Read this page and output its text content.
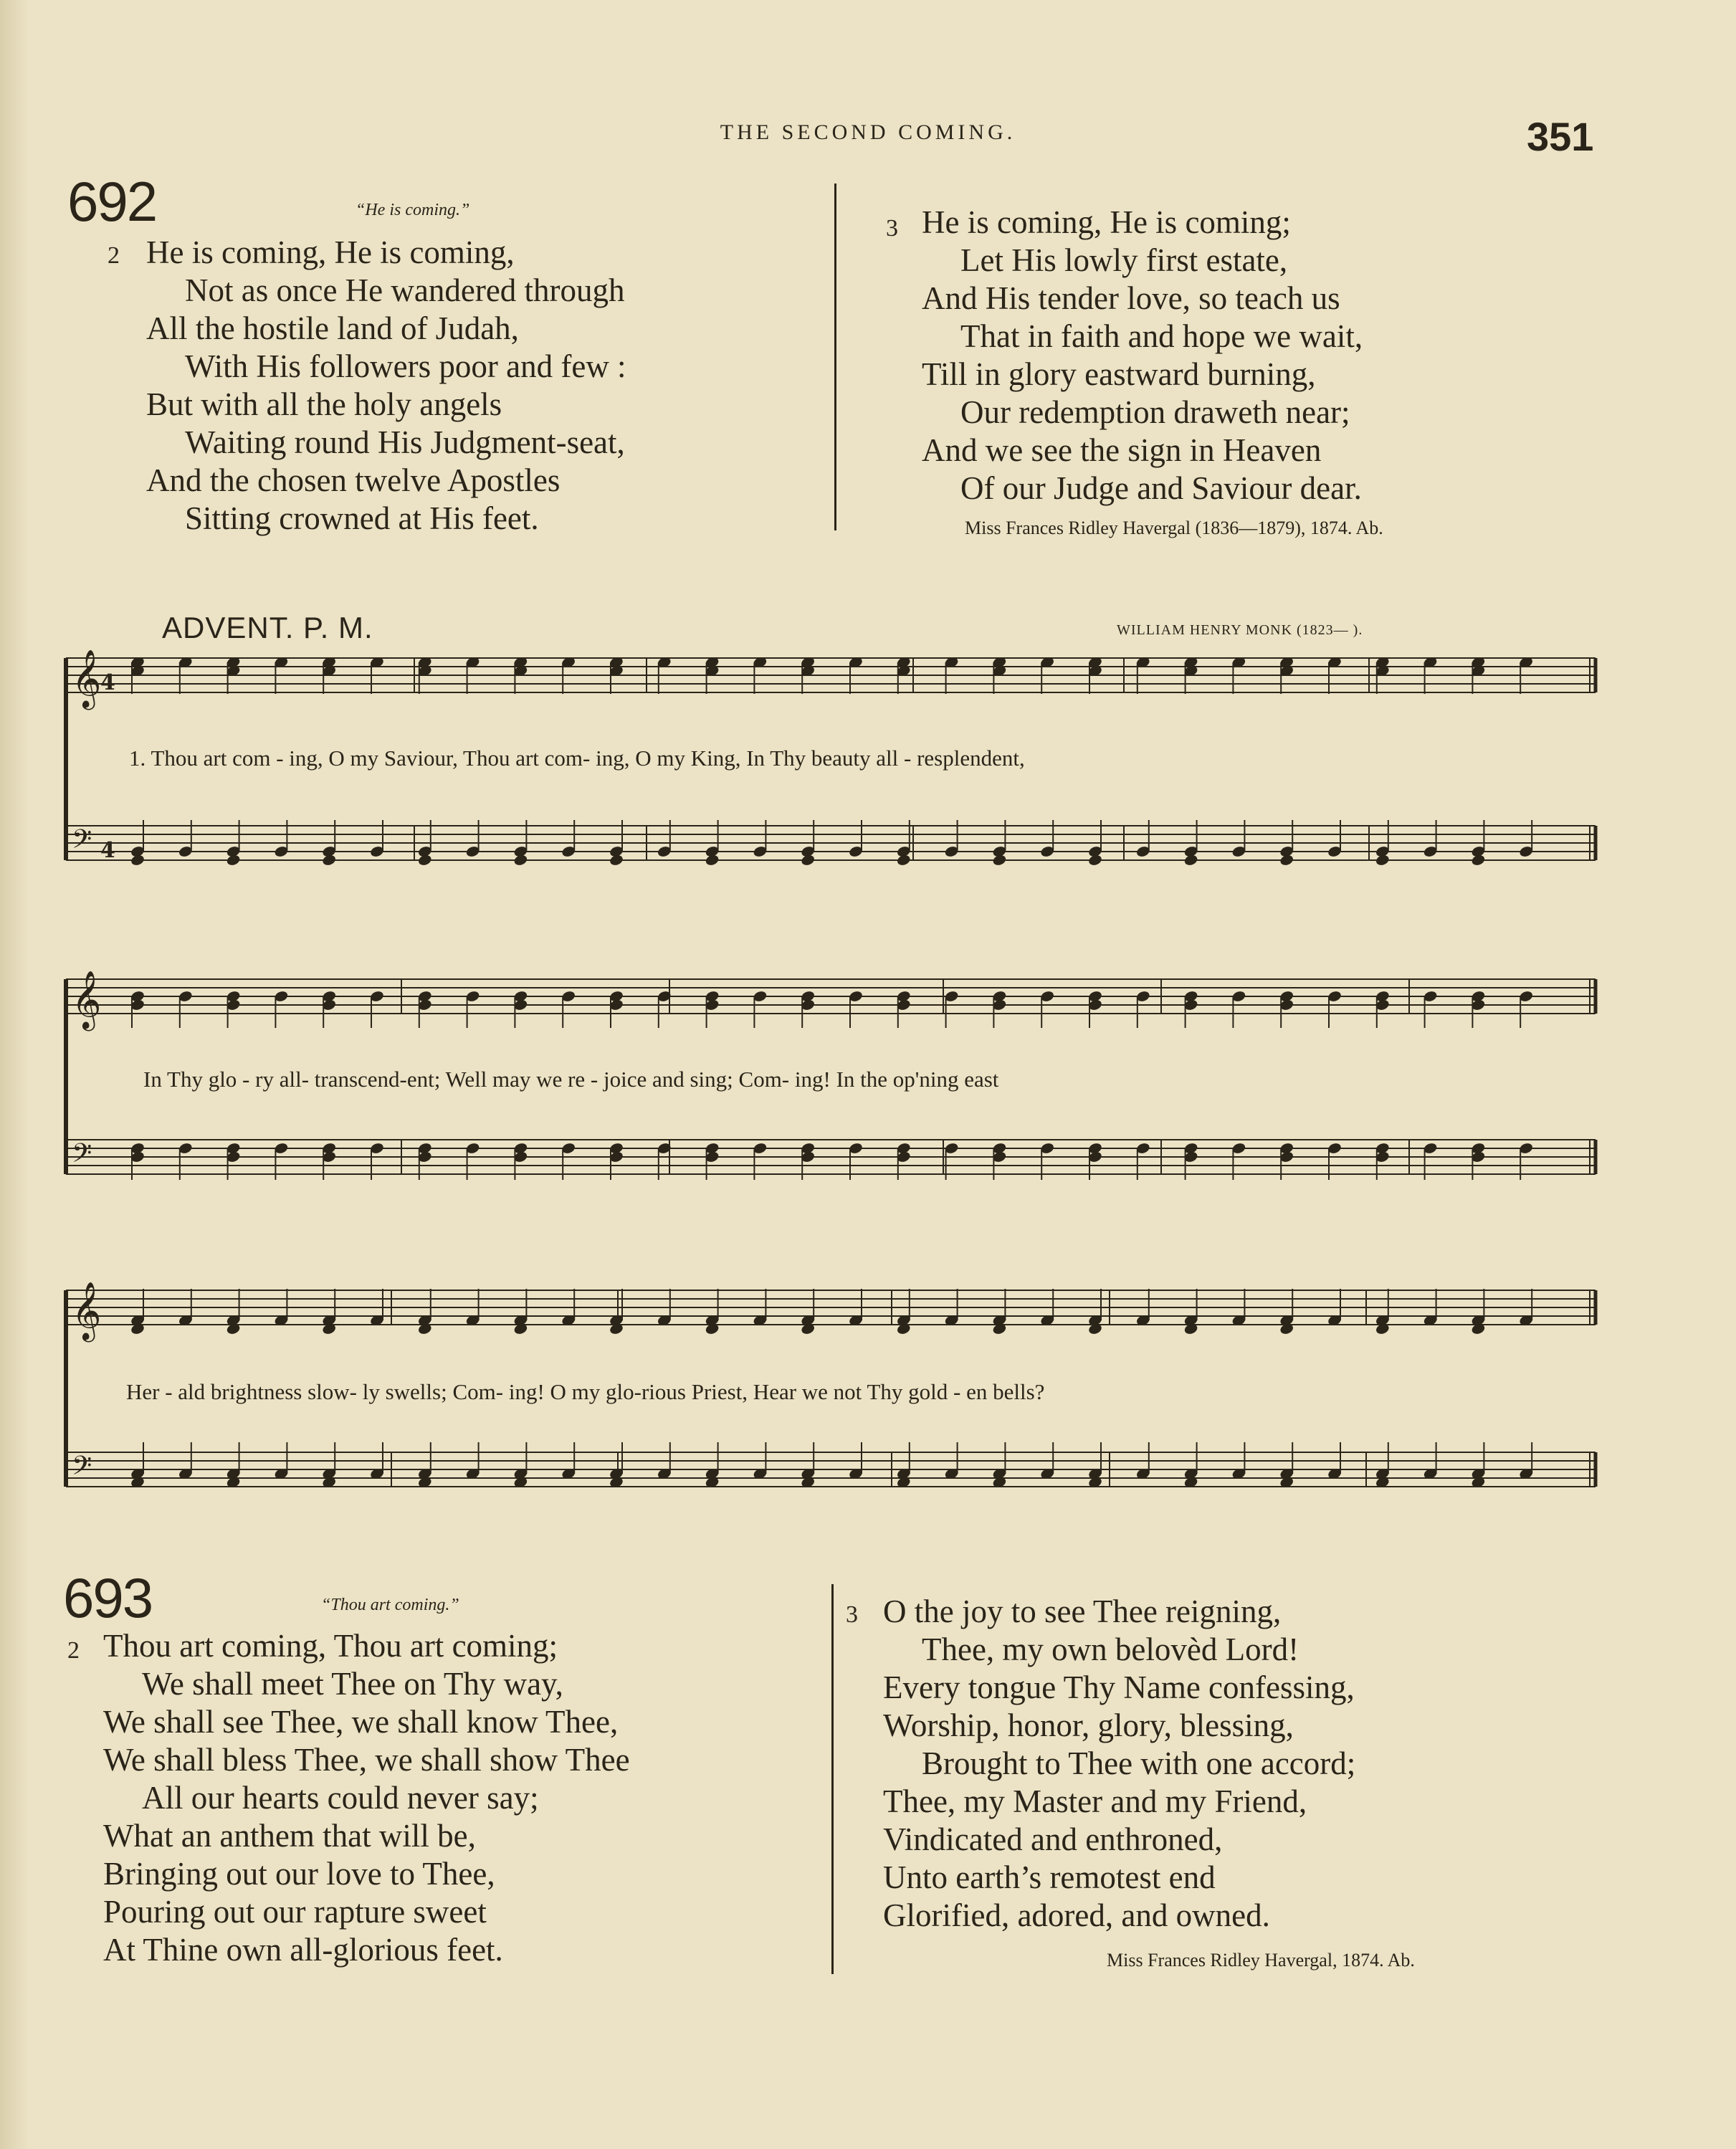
THE SECOND COMING.	351
692	“He is coming.”
2 He is coming, He is coming,
Not as once He wandered through
All the hostile land of Judah,
With His followers poor and few :
But with all the holy angels
Waiting round His Judgment-seat,
And the chosen twelve Apostles
Sitting crowned at His feet.
3 He is coming, He is coming;
Let His lowly first estate,
And His tender love, so teach us
That in faith and hope we wait,
Till in glory eastward burning,
Our redemption draweth near;
And we see the sign in Heaven
Of our Judge and Saviour dear.
Miss Frances Ridley Havergal (1836—1879), 1874. Ab.
ADVENT. P. M.	WILLIAM HENRY MONK (1823— ).
𝄞
4
𝄢 4
𝄞
𝄢
𝄞
𝄢
1. Thou art com - ing, O my Saviour, Thou art com- ing, O my King, In Thy beauty all - resplendent,
In Thy glo - ry all- transcend-ent; Well may we re - joice and sing; Com- ing! In the op'ning east
Her - ald brightness slow- ly swells; Com- ing! O my glo-rious Priest, Hear we not Thy gold - en bells?
693	“Thou art coming.”
2 Thou art coming, Thou art coming;
We shall meet Thee on Thy way,
We shall see Thee, we shall know Thee,
We shall bless Thee, we shall show Thee
All our hearts could never say;
What an anthem that will be,
Bringing out our love to Thee,
Pouring out our rapture sweet
At Thine own all-glorious feet.
3 O the joy to see Thee reigning,
Thee, my own belovèd Lord!
Every tongue Thy Name confessing,
Worship, honor, glory, blessing,
Brought to Thee with one accord;
Thee, my Master and my Friend,
Vindicated and enthroned,
Unto earth’s remotest end
Glorified, adored, and owned.
Miss Frances Ridley Havergal, 1874. Ab.
